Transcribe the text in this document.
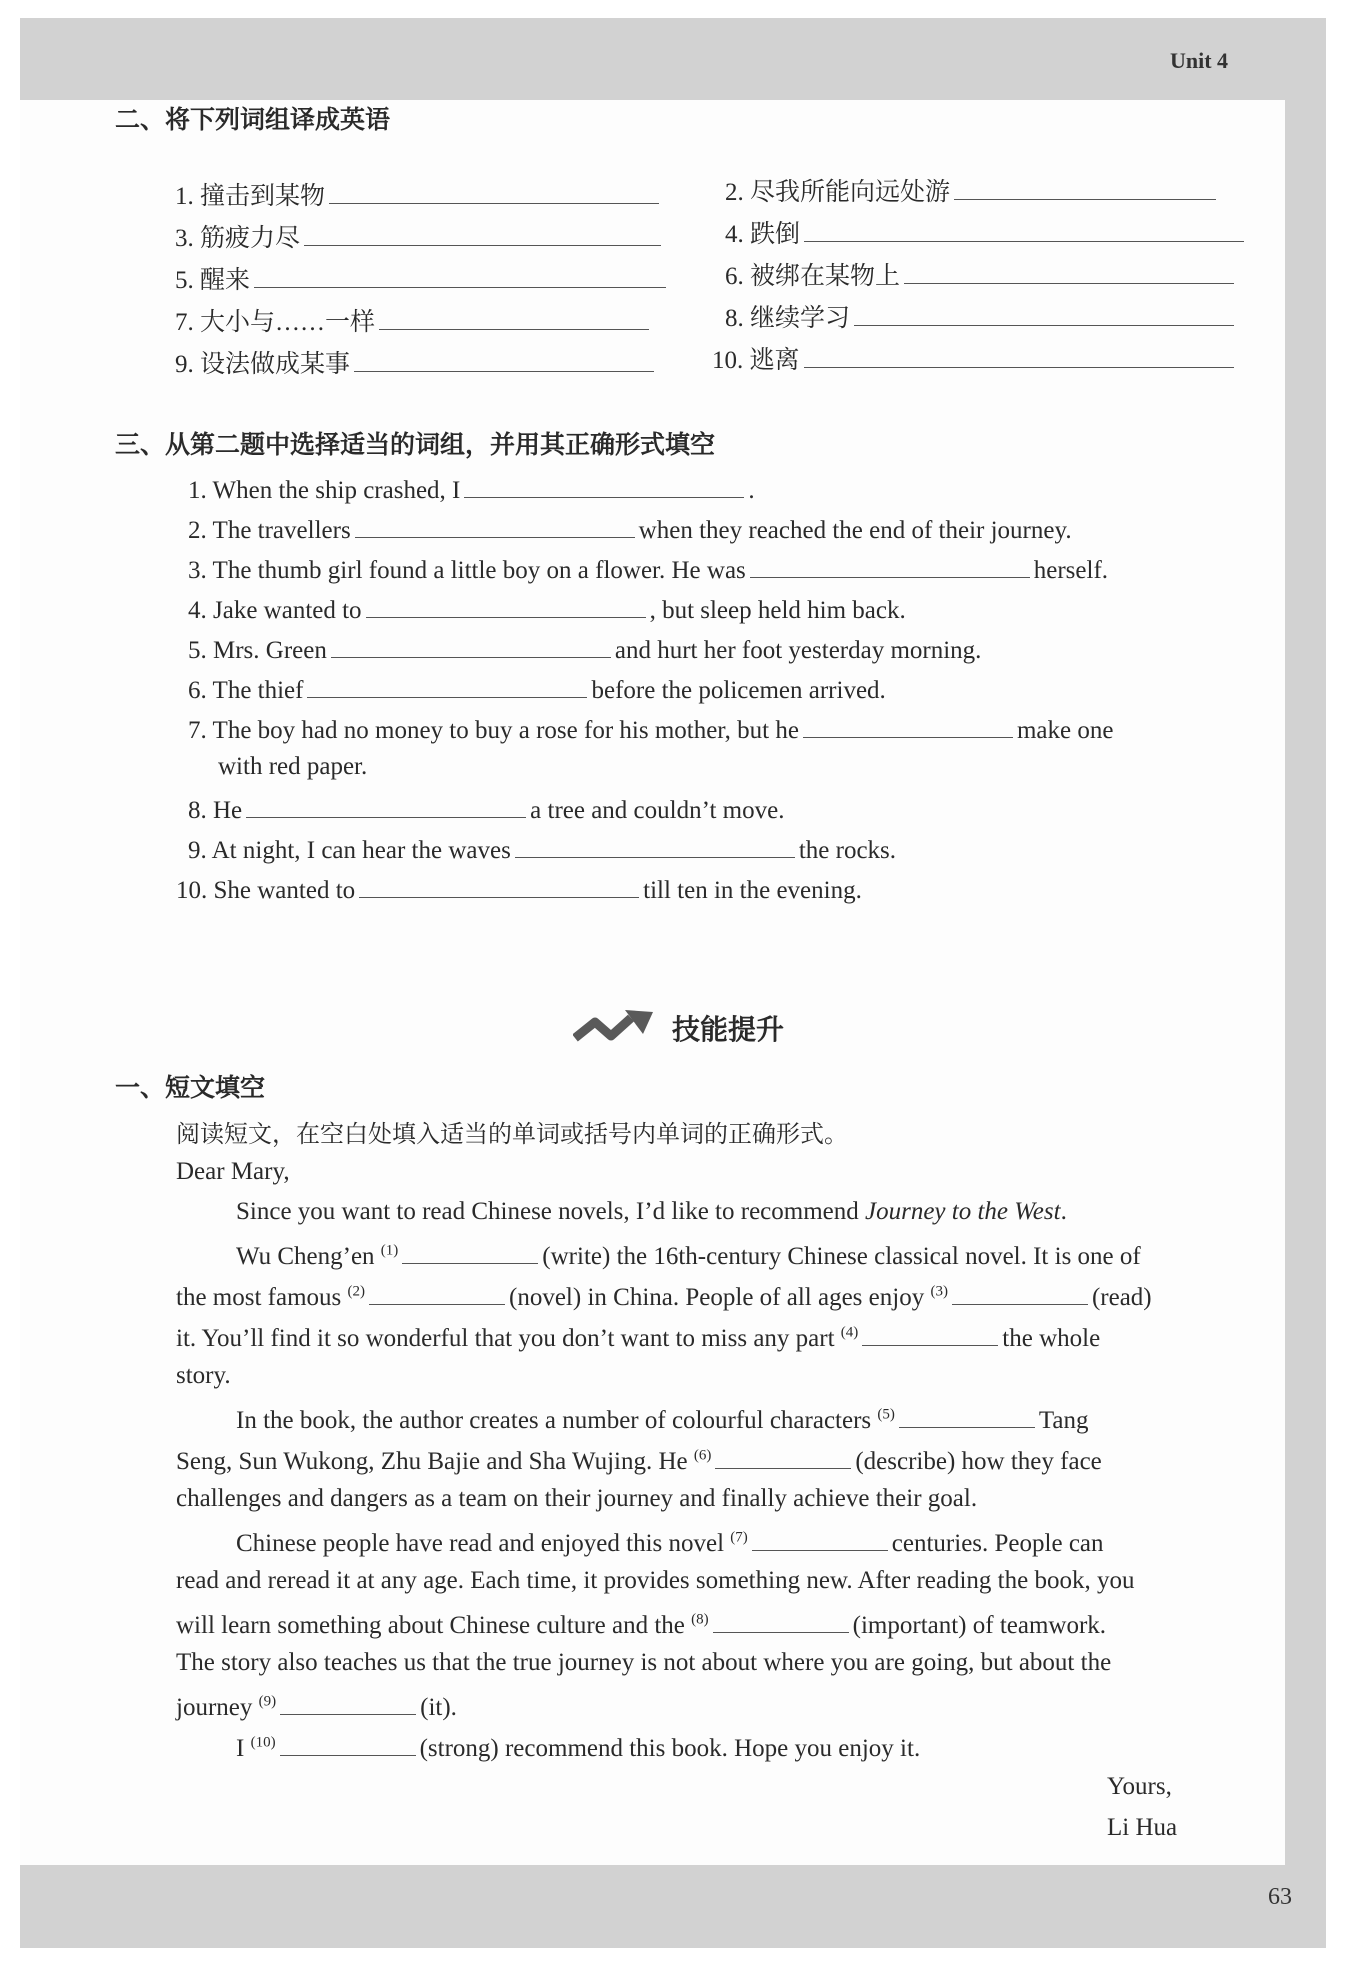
Unit 4
二、将下列词组译成英语
1. 撞击到某物	2. 尽我所能向远处游
3. 筋疲力尽	4. 跌倒
5. 醒来	6. 被绑在某物上
7. 大小与……一样	8. 继续学习
9. 设法做成某事	10. 逃离
三、从第二题中选择适当的词组，并用其正确形式填空
1. When the ship crashed, I	.
2. The travellers	when they reached the end of their journey.
3. The thumb girl found a little boy on a flower. He was	herself.
4. Jake wanted to	, but sleep held him back.
5. Mrs. Green	and hurt her foot yesterday morning.
6. The thief	before the policemen arrived.
7. The boy had no money to buy a rose for his mother, but he	make one
with red paper.
8. He	a tree and couldn’t move.
9. At night, I can hear the waves	the rocks.
10. She wanted to	till ten in the evening.
技能提升
一、短文填空
阅读短文，在空白处填入适当的单词或括号内单词的正确形式。
Dear Mary,
Since you want to read Chinese novels, I’d like to recommend Journey to the West.
Wu Cheng’en $^{(1)}$	(write) the 16th-century Chinese classical novel. It is one of
the most famous $^{(2)}$	(novel) in China. People of all ages enjoy $^{(3)}$	(read)
it. You’ll find it so wonderful that you don’t want to miss any part $^{(4)}$	the whole
story.
In the book, the author creates a number of colourful characters $^{(5)}$	Tang
Seng, Sun Wukong, Zhu Bajie and Sha Wujing. He $^{(6)}$	(describe) how they face
challenges and dangers as a team on their journey and finally achieve their goal.
Chinese people have read and enjoyed this novel $^{(7)}$	centuries. People can
read and reread it at any age. Each time, it provides something new. After reading the book, you
will learn something about Chinese culture and the $^{(8)}$	(important) of teamwork.
The story also teaches us that the true journey is not about where you are going, but about the
journey $^{(9)}$	(it).
I $^{(10)}$	(strong) recommend this book. Hope you enjoy it.
Yours,
Li Hua
63
